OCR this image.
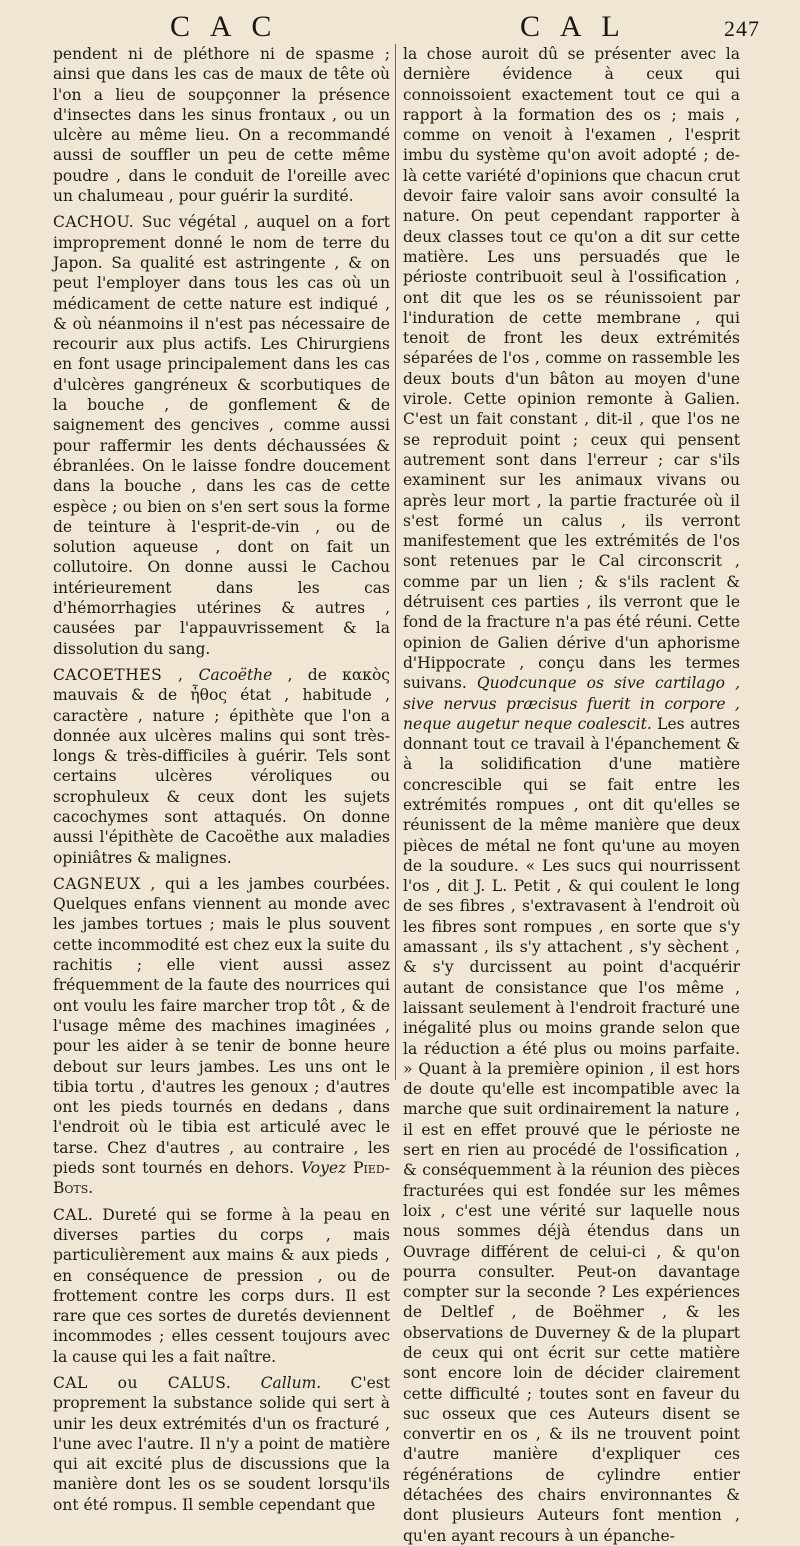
C A C	C A L	247

pendent ni de pléthore ni de spasme ; ainsi que dans les cas de maux de tête où l'on a lieu de soupçonner la présence d'insectes dans les sinus frontaux , ou un ulcère au même lieu. On a recommandé aussi de souffler un peu de cette même poudre , dans le conduit de l'oreille avec un chalumeau , pour guérir la surdité.

CACHOU. Suc végétal , auquel on a fort improprement donné le nom de terre du Japon. Sa qualité est astringente , & on peut l'employer dans tous les cas où un médicament de cette nature est indiqué , & où néanmoins il n'est pas nécessaire de recourir aux plus actifs. Les Chirurgiens en font usage principalement dans les cas d'ulcères gangréneux & scorbutiques de la bouche , de gonflement & de saignement des gencives , comme aussi pour raffermir les dents déchaussées & ébranlées. On le laisse fondre doucement dans la bouche , dans les cas de cette espèce ; ou bien on s'en sert sous la forme de teinture à l'esprit-de-vin , ou de solution aqueuse , dont on fait un collutoire. On donne aussi le Cachou intérieurement dans les cas d'hémorrhagies utérines & autres , causées par l'appauvrissement & la dissolution du sang.

CACOETHES , Cacoëthe , de κακὸς mauvais & de ἦθος état , habitude , caractère , nature ; épithète que l'on a donnée aux ulcères malins qui sont très-longs & très-difficiles à guérir. Tels sont certains ulcères véroliques ou scrophuleux & ceux dont les sujets cacochymes sont attaqués. On donne aussi l'épithète de Cacoëthe aux maladies opiniâtres & malignes.

CAGNEUX , qui a les jambes courbées. Quelques enfans viennent au monde avec les jambes tortues ; mais le plus souvent cette incommodité est chez eux la suite du rachitis ; elle vient aussi assez fréquemment de la faute des nourrices qui ont voulu les faire marcher trop tôt , & de l'usage même des machines imaginées , pour les aider à se tenir de bonne heure debout sur leurs jambes. Les uns ont le tibia tortu , d'autres les genoux ; d'autres ont les pieds tournés en dedans , dans l'endroit où le tibia est articulé avec le tarse. Chez d'autres , au contraire , les pieds sont tournés en dehors. Voyez Pied-Bots.

CAL. Dureté qui se forme à la peau en diverses parties du corps , mais particulièrement aux mains & aux pieds , en conséquence de pression , ou de frottement contre les corps durs. Il est rare que ces sortes de duretés deviennent incommodes ; elles cessent toujours avec la cause qui les a fait naître.

CAL ou CALUS. Callum. C'est proprement la substance solide qui sert à unir les deux extrémités d'un os fracturé , l'une avec l'autre. Il n'y a point de matière qui ait excité plus de discussions que la manière dont les os se soudent lorsqu'ils ont été rompus. Il semble cependant que

la chose auroit dû se présenter avec la dernière évidence à ceux qui connoissoient exactement tout ce qui a rapport à la formation des os ; mais , comme on venoit à l'examen , l'esprit imbu du système qu'on avoit adopté ; de-là cette variété d'opinions que chacun crut devoir faire valoir sans avoir consulté la nature. On peut cependant rapporter à deux classes tout ce qu'on a dit sur cette matière. Les uns persuadés que le périoste contribuoit seul à l'ossification , ont dit que les os se réunissoient par l'induration de cette membrane , qui tenoit de front les deux extrémités séparées de l'os , comme on rassemble les deux bouts d'un bâton au moyen d'une virole. Cette opinion remonte à Galien. C'est un fait constant , dit-il , que l'os ne se reproduit point ; ceux qui pensent autrement sont dans l'erreur ; car s'ils examinent sur les animaux vivans ou après leur mort , la partie fracturée où il s'est formé un calus , ils verront manifestement que les extrémités de l'os sont retenues par le Cal circonscrit , comme par un lien ; & s'ils raclent & détruisent ces parties , ils verront que le fond de la fracture n'a pas été réuni. Cette opinion de Galien dérive d'un aphorisme d'Hippocrate , conçu dans les termes suivans. Quodcunque os sive cartilago , sive nervus præcisus fuerit in corpore , neque augetur neque coalescit. Les autres donnant tout ce travail à l'épanchement & à la solidification d'une matière concrescible qui se fait entre les extrémités rompues , ont dit qu'elles se réunissent de la même manière que deux pièces de métal ne font qu'une au moyen de la soudure. « Les sucs qui nourrissent l'os , dit J. L. Petit , & qui coulent le long de ses fibres , s'extravasent à l'endroit où les fibres sont rompues , en sorte que s'y amassant , ils s'y attachent , s'y sèchent , & s'y durcissent au point d'acquérir autant de consistance que l'os même , laissant seulement à l'endroit fracturé une inégalité plus ou moins grande selon que la réduction a été plus ou moins parfaite. » Quant à la première opinion , il est hors de doute qu'elle est incompatible avec la marche que suit ordinairement la nature , il est en effet prouvé que le périoste ne sert en rien au procédé de l'ossification , & conséquemment à la réunion des pièces fracturées qui est fondée sur les mêmes loix , c'est une vérité sur laquelle nous nous sommes déjà étendus dans un Ouvrage différent de celui-ci , & qu'on pourra consulter. Peut-on davantage compter sur la seconde ? Les expériences de Deltlef , de Boëhmer , & les observations de Duverney & de la plupart de ceux qui ont écrit sur cette matière sont encore loin de décider clairement cette difficulté ; toutes sont en faveur du suc osseux que ces Auteurs disent se convertir en os , & ils ne trouvent point d'autre manière d'expliquer ces régénérations de cylindre entier détachées des chairs environnantes & dont plusieurs Auteurs font mention , qu'en ayant recours à un épanche-
